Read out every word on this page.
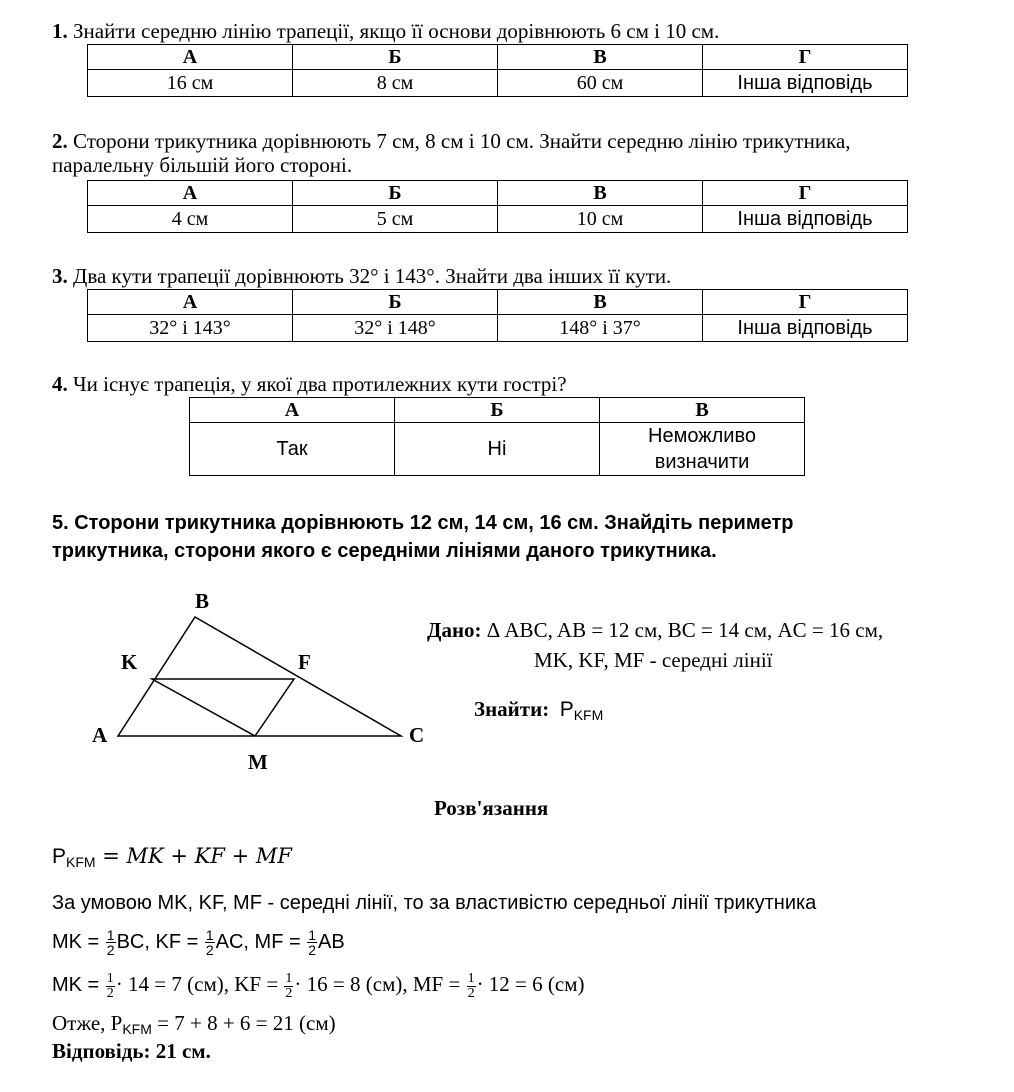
1. Знайти середню лінію трапеції, якщо її основи дорівнюють 6 см і 10 см.
А	Б	В	Г
16 см	8 см	60 см	Інша відповідь
2. Сторони трикутника дорівнюють 7 см, 8 см і 10 см. Знайти середню лінію трикутника,
паралельну більшій його стороні.
А	Б	В	Г
4 см	5 см	10 см	Інша відповідь
3. Два кути трапеції дорівнюють 32° і 143°. Знайти два інших її кути.
А	Б	В	Г
32° і 143°	32° і 148°	148° і 37°	Інша відповідь
4. Чи існує трапеція, у якої два протилежних кути гострі?
А	Б	В
Так	Ні	Неможливо визначити
5. Сторони трикутника дорівнюють 12 см, 14 см, 16 см. Знайдіть периметр
трикутника, сторони якого є середніми лініями даного трикутника.
B
K	F
A	C
M
Дано: Δ ABC, AB = 12 см, BC = 14 см, AC = 16 см,
MK, KF, MF - середні лінії
Знайти: $P_{KFM}$
Розв'язання
$P_{KFM}$ = MK + KF + MF
За умовою MK, KF, MF - середні лінії, то за властивістю середньої лінії трикутника
MK = $\frac{1}{2}$ BC, KF = $\frac{1}{2}$ AC, MF = $\frac{1}{2}$ AB
MK = $\frac{1}{2} \cdot 14 = 7$ (см), KF = $\frac{1}{2} \cdot 16 = 8$ (см), MF = $\frac{1}{2} \cdot 12 = 6$ (см)
Отже, $P_{KFM} = 7 + 8 + 6 = 21$ (см)
Відповідь: 21 см.
